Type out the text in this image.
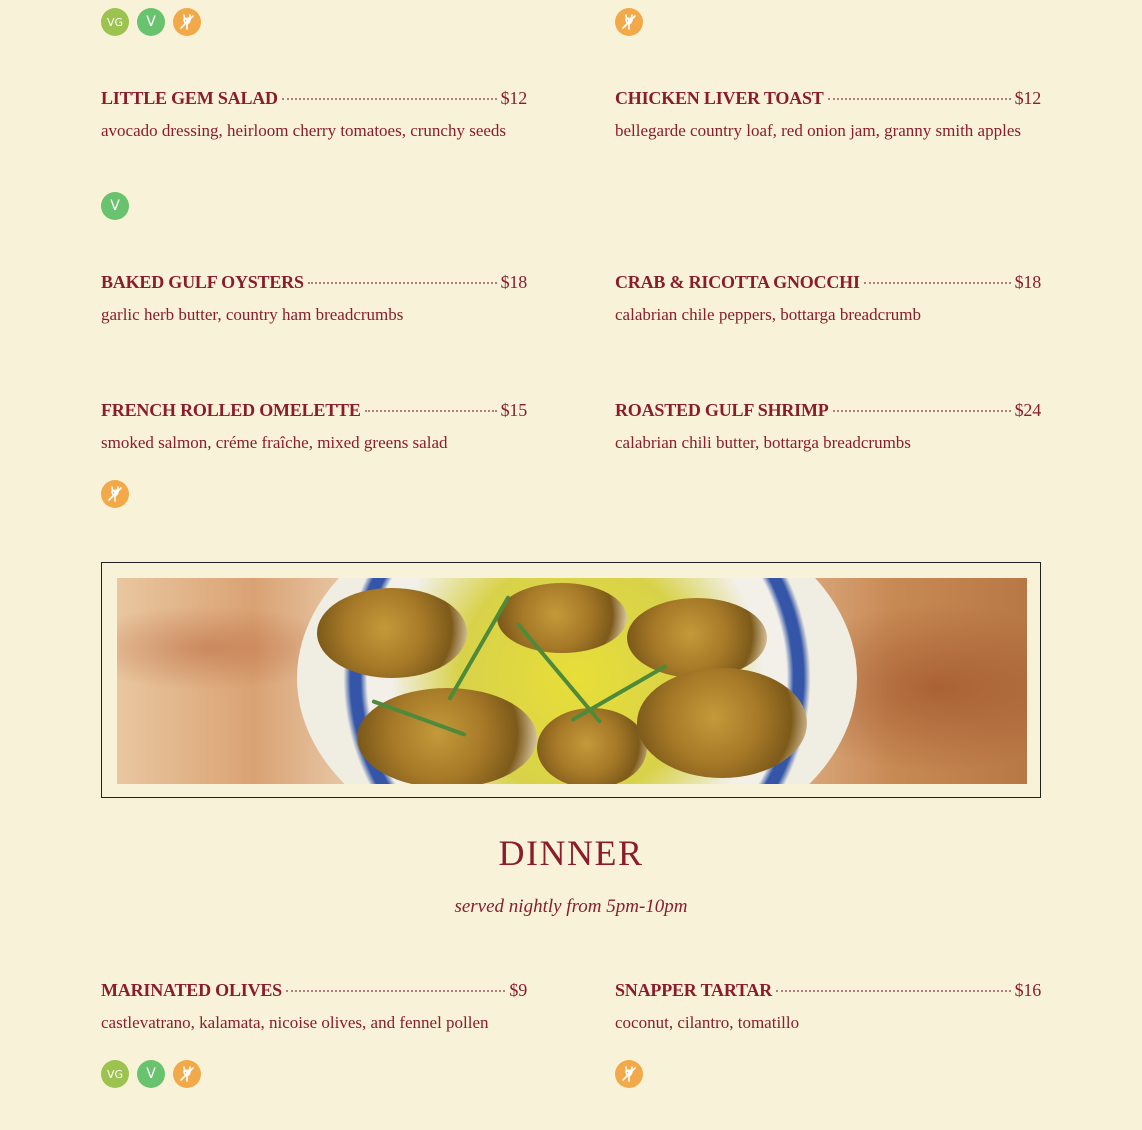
VG	V
LITTLE GEM SALAD	$12
avocado dressing, heirloom cherry tomatoes, crunchy seeds
V
CHICKEN LIVER TOAST	$12
bellegarde country loaf, red onion jam, granny smith apples
BAKED GULF OYSTERS	$18
garlic herb butter, country ham breadcrumbs
CRAB & RICOTTA GNOCCHI	$18
calabrian chile peppers, bottarga breadcrumb
FRENCH ROLLED OMELETTE	$15
smoked salmon, créme fraîche, mixed greens salad
ROASTED GULF SHRIMP	$24
calabrian chili butter, bottarga breadcrumbs
DINNER
served nightly from 5pm-10pm
MARINATED OLIVES	$9
castlevatrano, kalamata, nicoise olives, and fennel pollen
VG	V
SNAPPER TARTAR	$16
coconut, cilantro, tomatillo
